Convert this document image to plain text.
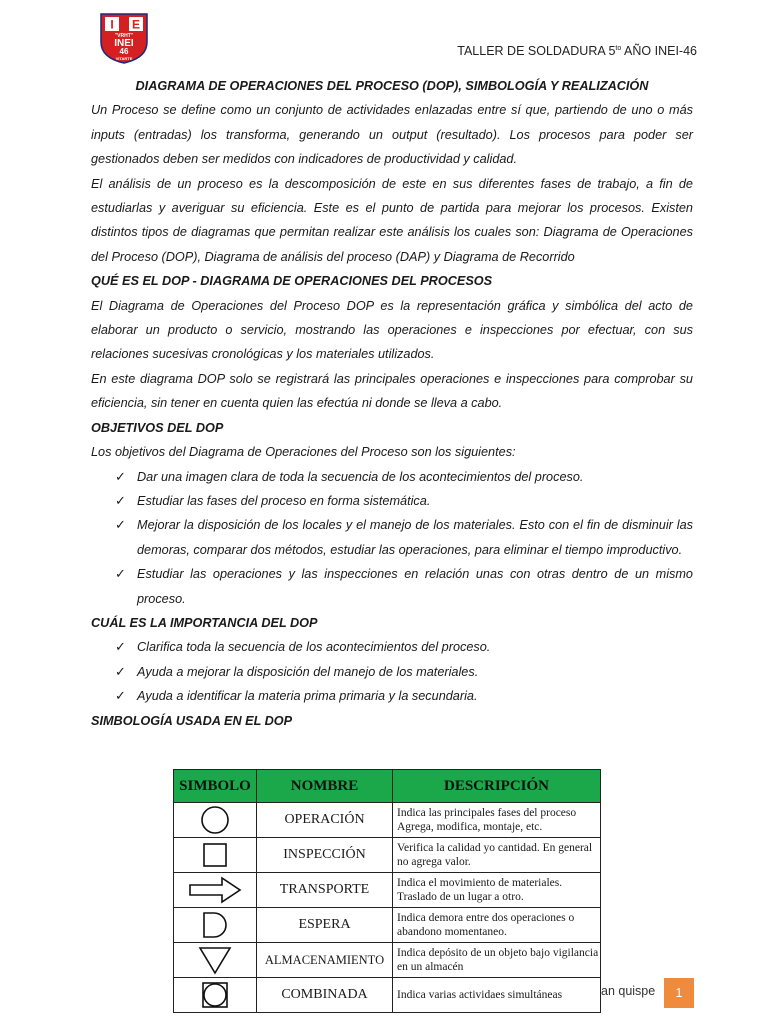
I E
"VRHT"
INEI
46
VITARTE
TALLER DE SOLDADURA $5^{to}$ AÑO INEI-46
DIAGRAMA DE OPERACIONES DEL PROCESO (DOP), SIMBOLOGÍA Y REALIZACIÓN

Un Proceso se define como un conjunto de actividades enlazadas entre sí que, partiendo de uno o más inputs (entradas) los transforma, generando un output (resultado). Los procesos para poder ser gestionados deben ser medidos con indicadores de productividad y calidad.

El análisis de un proceso es la descomposición de este en sus diferentes fases de trabajo, a fin de estudiarlas y averiguar su eficiencia. Este es el punto de partida para mejorar los procesos. Existen distintos tipos de diagramas que permitan realizar este análisis los cuales son: Diagrama de Operaciones del Proceso (DOP), Diagrama de análisis del proceso (DAP) y Diagrama de Recorrido

QUÉ ES EL DOP - DIAGRAMA DE OPERACIONES DEL PROCESOS

El Diagrama de Operaciones del Proceso DOP es la representación gráfica y simbólica del acto de elaborar un producto o servicio, mostrando las operaciones e inspecciones por efectuar, con sus relaciones sucesivas cronológicas y los materiales utilizados.

En este diagrama DOP solo se registrará las principales operaciones e inspecciones para comprobar su eficiencia, sin tener en cuenta quien las efectúa ni donde se lleva a cabo.

OBJETIVOS DEL DOP

Los objetivos del Diagrama de Operaciones del Proceso son los siguientes:

✓ Dar una imagen clara de toda la secuencia de los acontecimientos del proceso.
✓ Estudiar las fases del proceso en forma sistemática.
✓ Mejorar la disposición de los locales y el manejo de los materiales. Esto con el fin de disminuir las demoras, comparar dos métodos, estudiar las operaciones, para eliminar el tiempo improductivo.
✓ Estudiar las operaciones y las inspecciones en relación unas con otras dentro de un mismo proceso.
CUÁL ES LA IMPORTANCIA DEL DOP
✓ Clarifica toda la secuencia de los acontecimientos del proceso.
✓ Ayuda a mejorar la disposición del manejo de los materiales.
✓ Ayuda a identificar la materia prima primaria y la secundaria.
SIMBOLOGÍA USADA EN EL DOP
SIMBOLO	NOMBRE	DESCRIPCIÓN

	OPERACIÓN	Indica las principales fases del proceso Agrega, modifica, montaje, etc.

	INSPECCIÓN	Verifica la calidad yo cantidad. En general no agrega valor.

	TRANSPORTE	Indica el movimiento de materiales. Traslado de un lugar a otro.

	ESPERA	Indica demora entre dos operaciones o abandono momentaneo.

	ALMACENAMIENTO	Indica depósito de un objeto bajo vigilancia en un almacén

	COMBINADA	Indica varias actividaes simultáneas	an quispe	1
